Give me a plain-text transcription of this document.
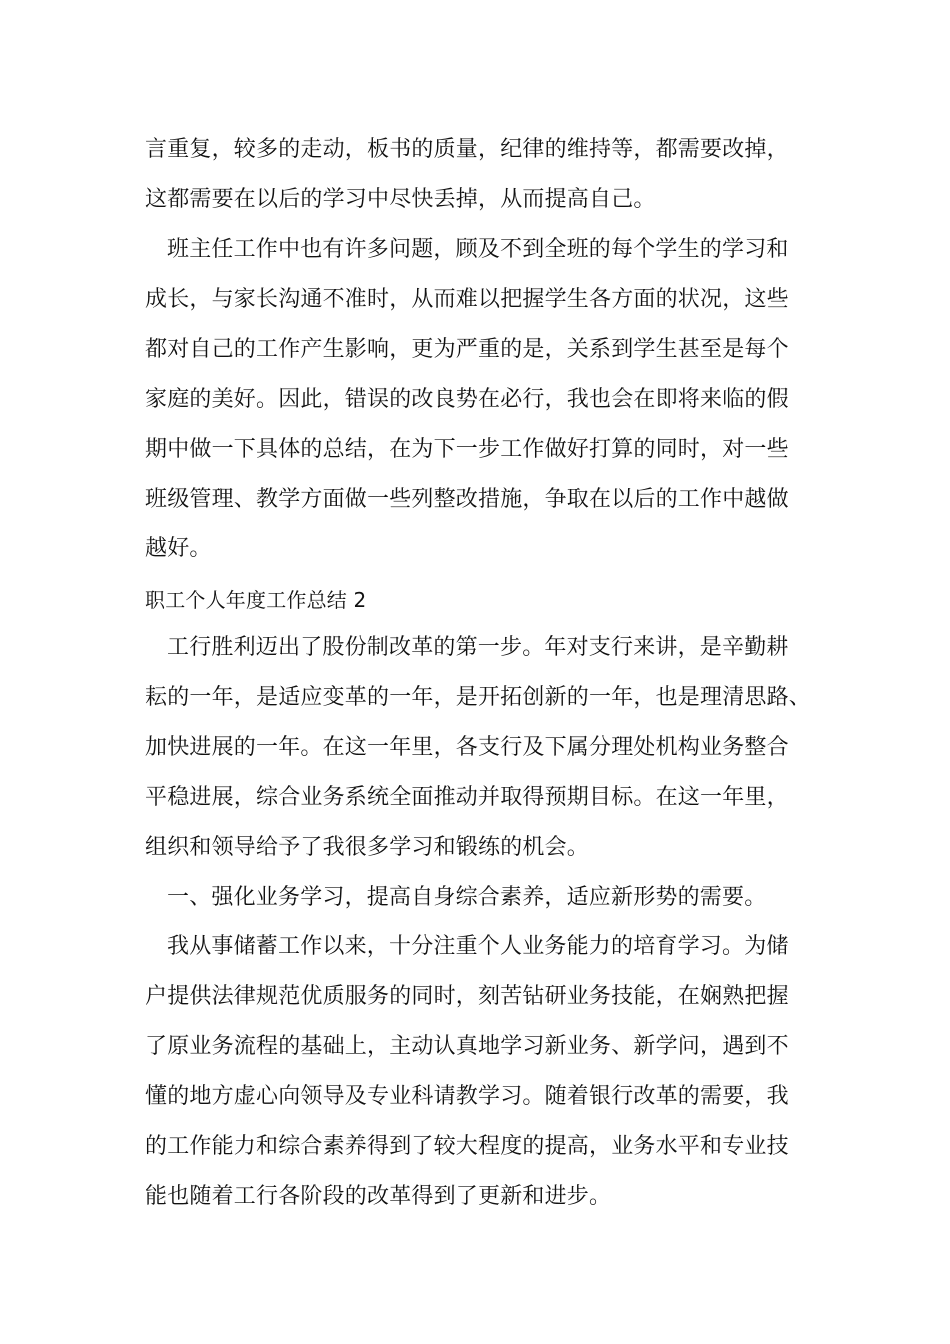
言重复，较多的走动，板书的质量，纪律的维持等，都需要改掉，
这都需要在以后的学习中尽快丢掉，从而提高自己。
班主任工作中也有许多问题，顾及不到全班的每个学生的学习和
成长，与家长沟通不准时，从而难以把握学生各方面的状况，这些
都对自己的工作产生影响，更为严重的是，关系到学生甚至是每个
家庭的美好。因此，错误的改良势在必行，我也会在即将来临的假
期中做一下具体的总结，在为下一步工作做好打算的同时，对一些
班级管理、教学方面做一些列整改措施，争取在以后的工作中越做
越好。
职工个人年度工作总结 2
工行胜利迈出了股份制改革的第一步。年对支行来讲，是辛勤耕
耘的一年，是适应变革的一年，是开拓创新的一年，也是理清思路、
加快进展的一年。在这一年里，各支行及下属分理处机构业务整合
平稳进展，综合业务系统全面推动并取得预期目标。在这一年里，
组织和领导给予了我很多学习和锻练的机会。
一、强化业务学习，提高自身综合素养，适应新形势的需要。
我从事储蓄工作以来，十分注重个人业务能力的培育学习。为储
户提供法律规范优质服务的同时，刻苦钻研业务技能，在娴熟把握
了原业务流程的基础上，主动认真地学习新业务、新学问，遇到不
懂的地方虚心向领导及专业科请教学习。随着银行改革的需要，我
的工作能力和综合素养得到了较大程度的提高，业务水平和专业技
能也随着工行各阶段的改革得到了更新和进步。
